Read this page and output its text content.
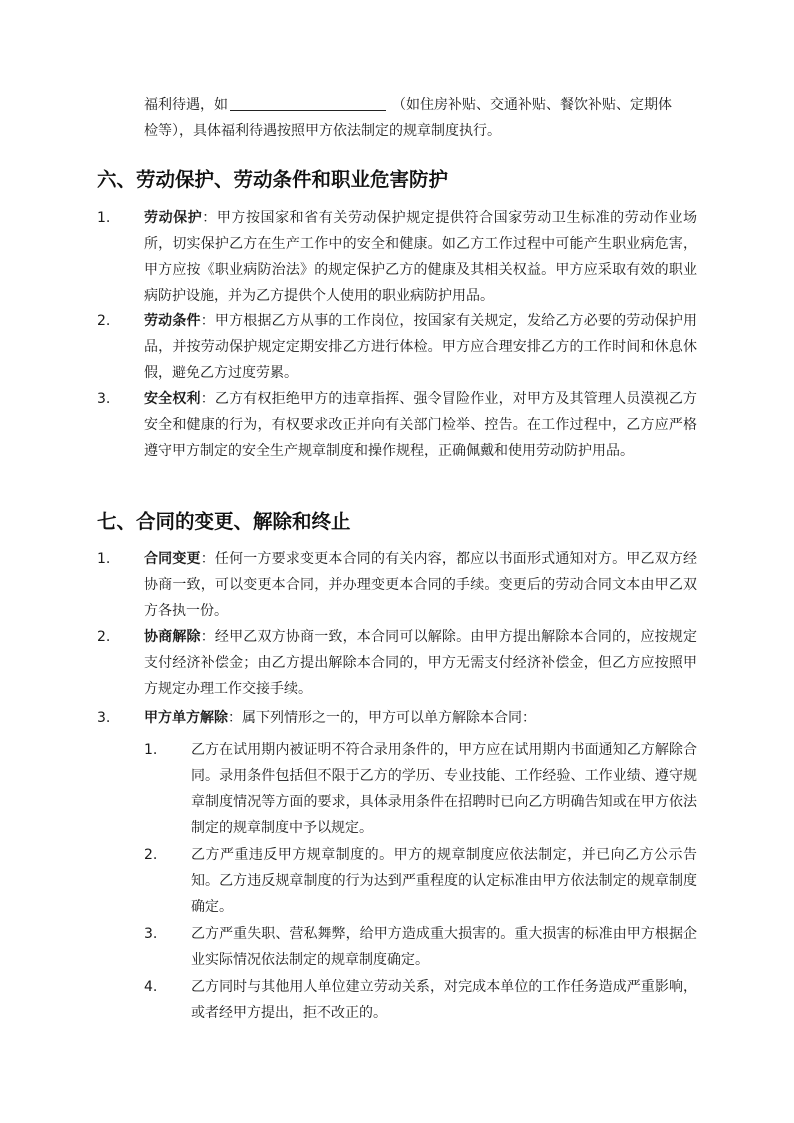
福利待遇，如	（如住房补贴、交通补贴、餐饮补贴、定期体
检等），具体福利待遇按照甲方依法制定的规章制度执行。
六、劳动保护、劳动条件和职业危害防护
1. 劳动保护：甲方按国家和省有关劳动保护规定提供符合国家劳动卫生标准的劳动作业场所，切实保护乙方在生产工作中的安全和健康。如乙方工作过程中可能产生职业病危害，甲方应按《职业病防治法》的规定保护乙方的健康及其相关权益。甲方应采取有效的职业病防护设施，并为乙方提供个人使用的职业病防护用品。
2. 劳动条件：甲方根据乙方从事的工作岗位，按国家有关规定，发给乙方必要的劳动保护用品，并按劳动保护规定定期安排乙方进行体检。甲方应合理安排乙方的工作时间和休息休假，避免乙方过度劳累。
3. 安全权利：乙方有权拒绝甲方的违章指挥、强令冒险作业，对甲方及其管理人员漠视乙方安全和健康的行为，有权要求改正并向有关部门检举、控告。在工作过程中，乙方应严格遵守甲方制定的安全生产规章制度和操作规程，正确佩戴和使用劳动防护用品。
七、合同的变更、解除和终止
1. 合同变更：任何一方要求变更本合同的有关内容，都应以书面形式通知对方。甲乙双方经协商一致，可以变更本合同，并办理变更本合同的手续。变更后的劳动合同文本由甲乙双方各执一份。
2. 协商解除：经甲乙双方协商一致，本合同可以解除。由甲方提出解除本合同的，应按规定支付经济补偿金；由乙方提出解除本合同的，甲方无需支付经济补偿金，但乙方应按照甲方规定办理工作交接手续。
3. 甲方单方解除：属下列情形之一的，甲方可以单方解除本合同：
1. 乙方在试用期内被证明不符合录用条件的，甲方应在试用期内书面通知乙方解除合同。录用条件包括但不限于乙方的学历、专业技能、工作经验、工作业绩、遵守规章制度情况等方面的要求，具体录用条件在招聘时已向乙方明确告知或在甲方依法制定的规章制度中予以规定。
2. 乙方严重违反甲方规章制度的。甲方的规章制度应依法制定，并已向乙方公示告知。乙方违反规章制度的行为达到严重程度的认定标准由甲方依法制定的规章制度确定。
3. 乙方严重失职、营私舞弊，给甲方造成重大损害的。重大损害的标准由甲方根据企业实际情况依法制定的规章制度确定。
4. 乙方同时与其他用人单位建立劳动关系，对完成本单位的工作任务造成严重影响，或者经甲方提出，拒不改正的。
